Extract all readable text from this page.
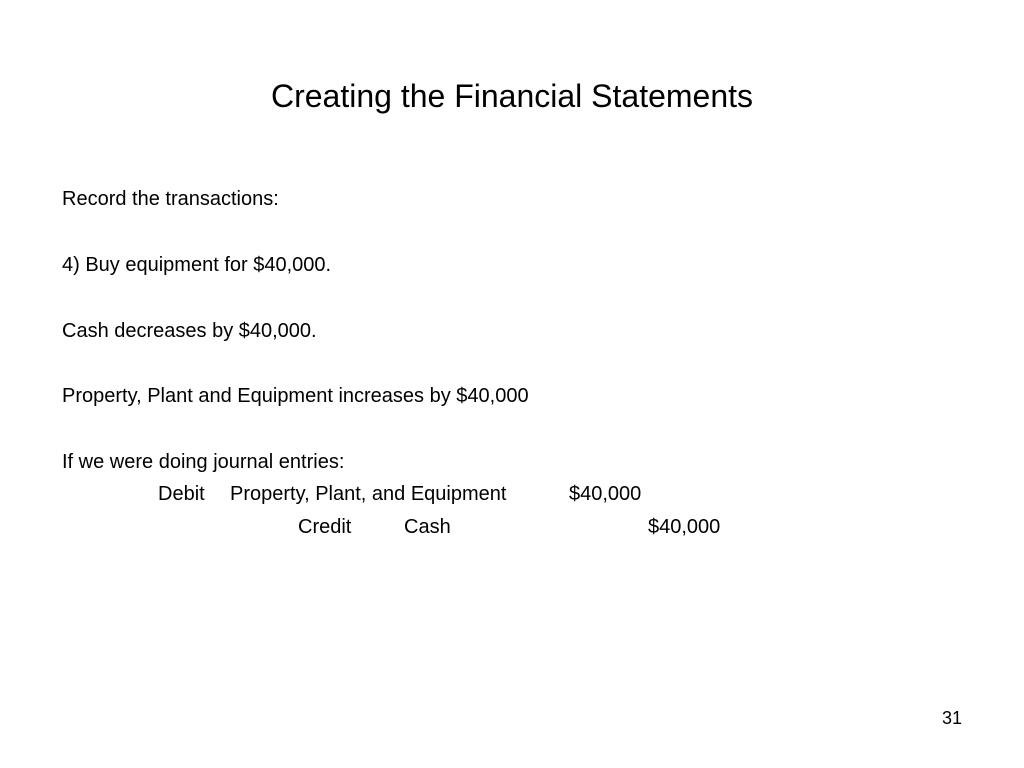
Creating the Financial Statements
Record the transactions:
4) Buy equipment for $40,000.
Cash decreases by $40,000.
Property, Plant and Equipment increases by $40,000
If we were doing journal entries:
Debit Property, Plant, and Equipment	$40,000
Credit	Cash	$40,000
31
